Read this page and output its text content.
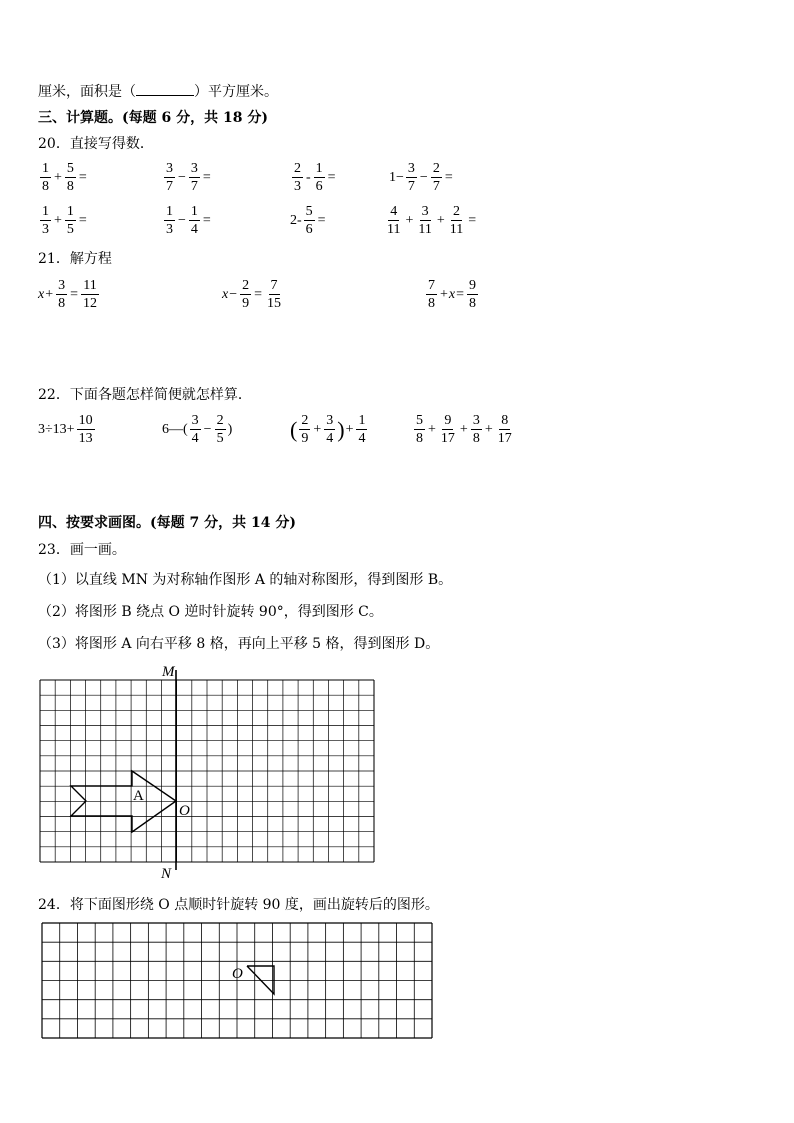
厘米，面积是（	）平方厘米。
三、计算题。(每题 6 分，共 18 分)
20．直接写得数．
$\frac{1}{8} + \frac{5}{8}$ =	$\frac{3}{7} - \frac{3}{7}$ =	$\frac{2}{3} - \frac{1}{6}$ =	$1- \frac{3}{7} - \frac{2}{7}$ =
$\frac{1}{3} + \frac{1}{5}$ =	$\frac{1}{3} - \frac{1}{4}$ =	$2- \frac{5}{6}$ =	$\frac{4}{11} + \frac{3}{11} + \frac{2}{11}$ =
21．解方程
$x + \frac{3}{8} = \frac{11}{12}$	$x - \frac{2}{9} = \frac{7}{15}$	$\frac{7}{8} + x = \frac{9}{8}$
22．下面各题怎样简便就怎样算．
$3\div 13+ \frac{10}{13}$	6—( $\frac{3}{4} - \frac{2}{5}$ )	( $\frac{2}{9} + \frac{3}{4}$ ) + $\frac{1}{4}$	$\frac{5}{8} + \frac{9}{17} + \frac{3}{8} + \frac{8}{17}$
四、按要求画图。(每题 7 分，共 14 分)
23．画一画。
（1）以直线 MN 为对称轴作图形 A 的轴对称图形，得到图形 B。
（2）将图形 B 绕点 O 逆时针旋转 90°，得到图形 C。
（3）将图形 A 向右平移 8 格，再向上平移 5 格，得到图形 D。
M
N
O
A
O
24．将下面图形绕 O 点顺时针旋转 90 度，画出旋转后的图形。
